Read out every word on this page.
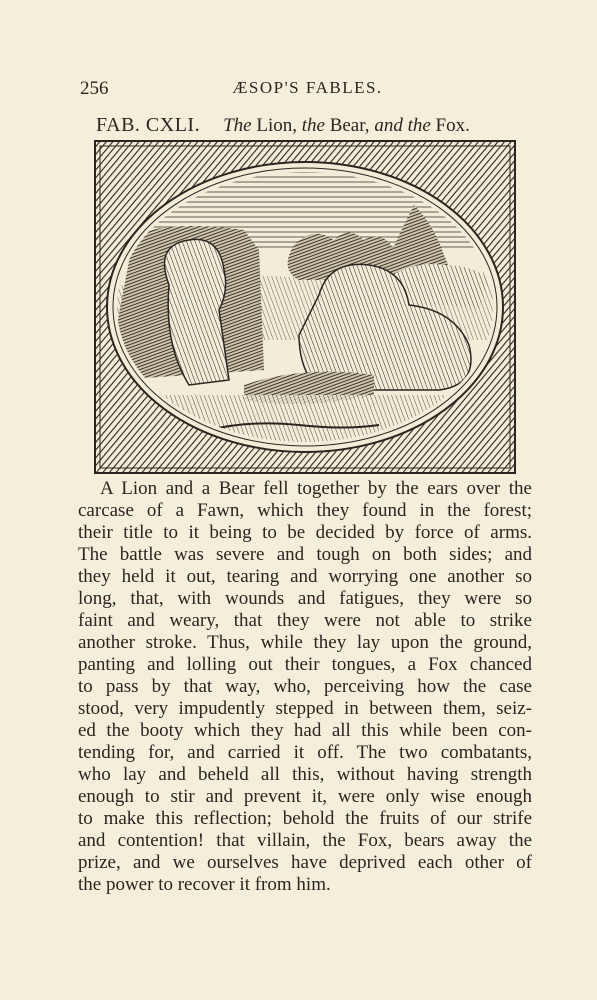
256	ÆSOP'S FABLES.
FAB. CXLI. The Lion, the Bear, and the Fox.
A Lion and a Bear fell together by the ears over the
carcase of a Fawn, which they found in the forest;
their title to it being to be decided by force of arms.
The battle was severe and tough on both sides; and
they held it out, tearing and worrying one another so
long, that, with wounds and fatigues, they were so
faint and weary, that they were not able to strike
another stroke. Thus, while they lay upon the ground,
panting and lolling out their tongues, a Fox chanced
to pass by that way, who, perceiving how the case
stood, very impudently stepped in between them, seiz-
ed the booty which they had all this while been con-
tending for, and carried it off. The two combatants,
who lay and beheld all this, without having strength
enough to stir and prevent it, were only wise enough
to make this reflection; behold the fruits of our strife
and contention! that villain, the Fox, bears away the
prize, and we ourselves have deprived each other of
the power to recover it from him.
